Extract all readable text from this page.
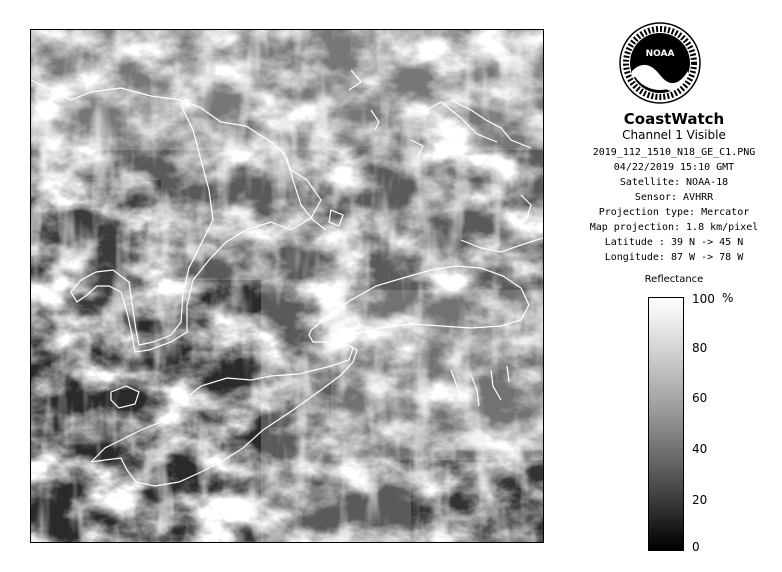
NOAA
CoastWatch
Channel 1 Visible
2019_112_1510_N18_GE_C1.PNG
04/22/2019 15:10 GMT
Satellite: NOAA-18
Sensor: AVHRR
Projection type: Mercator
Map projection: 1.8 km/pixel
Latitude : 39 N -> 45 N
Longitude: 87 W -> 78 W
Reflectance
%
100
80
60
40
20
0
